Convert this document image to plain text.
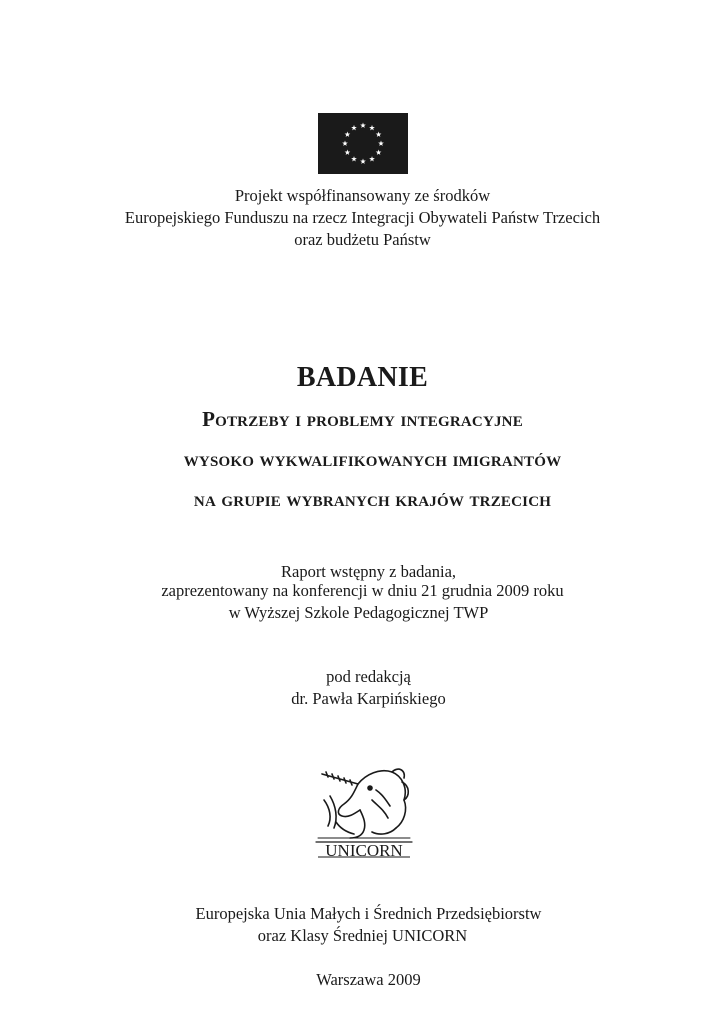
Projekt współfinansowany ze środków
Europejskiego Funduszu na rzecz Integracji Obywateli Państw Trzecich
oraz budżetu Państw
BADANIE
Potrzeby i problemy integracyjne
wysoko wykwalifikowanych imigrantów
na grupie wybranych krajów trzecich
Raport wstępny z badania,
zaprezentowany na konferencji w dniu 21 grudnia 2009 roku
w Wyższej Szkole Pedagogicznej TWP
pod redakcją
dr. Pawła Karpińskiego
UNICORN
Europejska Unia Małych i Średnich Przedsiębiorstw
oraz Klasy Średniej UNICORN
Warszawa 2009
